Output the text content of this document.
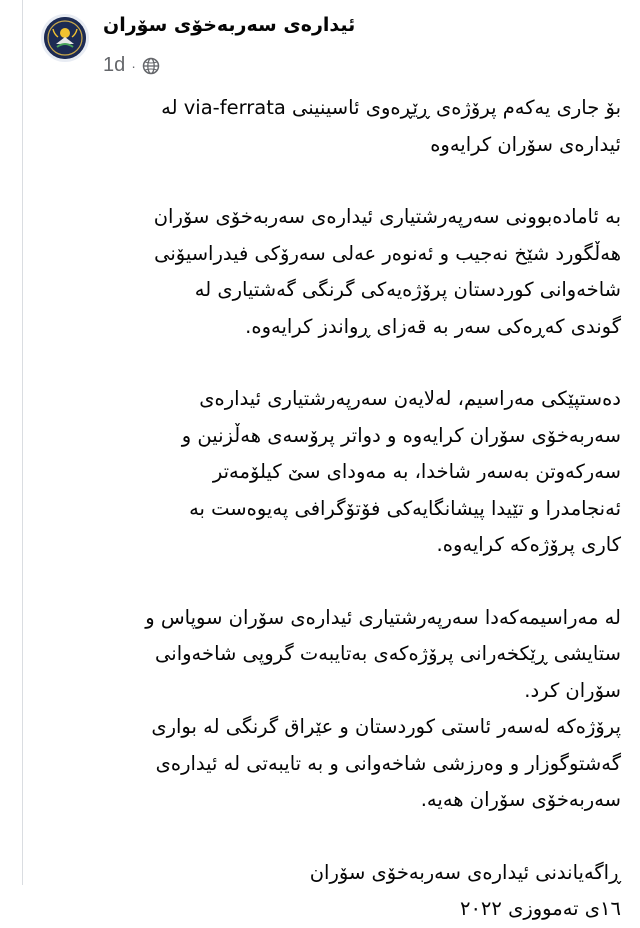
ئیدارەی سەربەخۆی سۆران
1d ·

بۆ جاری یەکەم پرۆژەی ڕێڕەوی ئاسینینی via-ferrata له
ئیدارەی سۆران کرایەوە

بە ئامادەبوونی سەرپەرشتیاری ئیدارەی سەربەخۆی سۆران
هەڵگورد شێخ نەجیب و ئەنوەر عەلی سەرۆکی فیدراسیۆنی
شاخەوانی کوردستان پرۆژەیەکی گرنگی گەشتیاری لە
گوندی کەڕەکی سەر بە قەزای ڕواندز کرایەوە.

دەستپێکی مەراسیم، لەلایەن سەرپەرشتیاری ئیدارەی
سەربەخۆی سۆران کرایەوە و دواتر پرۆسەی هەڵزنین و
سەرکەوتن بەسەر شاخدا، بە مەودای سێ کیلۆمەتر
ئەنجامدرا و تێیدا پیشانگایەکی فۆتۆگرافی پەیوەست بە
کاری پرۆژەکە کرایەوە.

لە مەراسیمەکەدا سەرپەرشتیاری ئیدارەی سۆران سوپاس و
ستایشی ڕێکخەرانی پرۆژەکەی بەتایبەت گروپی شاخەوانی
سۆران کرد.
پرۆژەکە لەسەر ئاستی کوردستان و عێراق گرنگی لە بواری
گەشتوگوزار و وەرزشی شاخەوانی و بە تایبەتی لە ئیدارەی
سەربەخۆی سۆران هەیە.

ڕاگەیاندنی ئیدارەی سەربەخۆی سۆران
١٦ی تەمووزی ٢٠٢٢
